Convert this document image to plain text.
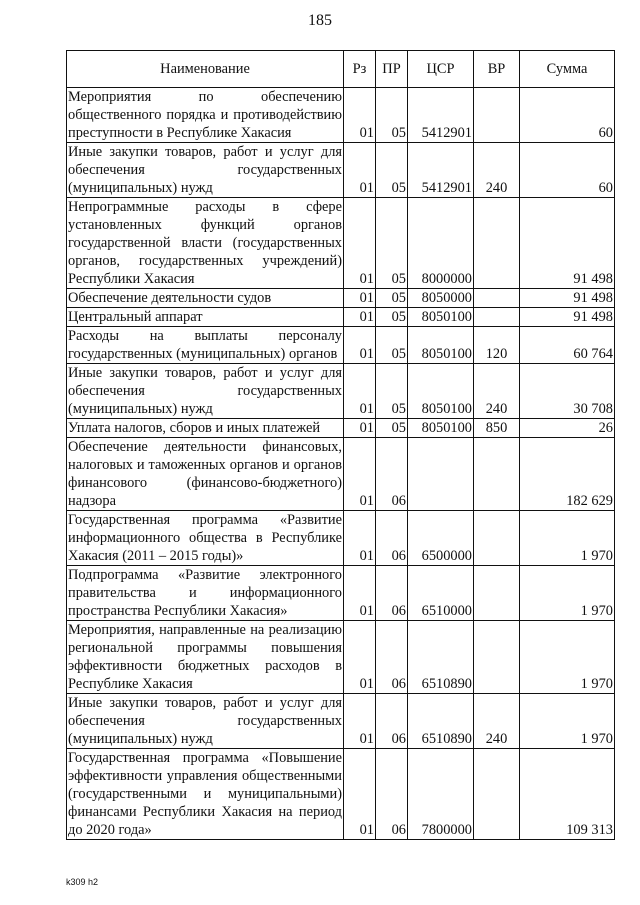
185
Наименование	Рз	ПР	ЦСР	ВР	Сумма
Мероприятия по обеспечению общественного порядка и противодействию преступности в Республике Хакасия	01	05	5412901		60
Иные закупки товаров, работ и услуг для обеспечения государственных (муниципальных) нужд	01	05	5412901	240	60
Непрограммные расходы в сфере установленных функций органов государственной власти (государственных органов, государственных учреждений) Республики Хакасия	01	05	8000000		91 498
Обеспечение деятельности судов	01	05	8050000		91 498
Центральный аппарат	01	05	8050100		91 498
Расходы на выплаты персоналу государственных (муниципальных) органов	01	05	8050100	120	60 764
Иные закупки товаров, работ и услуг для обеспечения государственных (муниципальных) нужд	01	05	8050100	240	30 708
Уплата налогов, сборов и иных платежей	01	05	8050100	850	26
Обеспечение деятельности финансовых, налоговых и таможенных органов и органов финансового (финансово-бюджетного) надзора	01	06			182 629
Государственная программа «Развитие информационного общества в Республике Хакасия (2011 – 2015 годы)»	01	06	6500000		1 970
Подпрограмма «Развитие электронного правительства и информационного пространства Республики Хакасия»	01	06	6510000		1 970
Мероприятия, направленные на реализацию региональной программы повышения эффективности бюджетных расходов в Республике Хакасия	01	06	6510890		1 970
Иные закупки товаров, работ и услуг для обеспечения государственных (муниципальных) нужд	01	06	6510890	240	1 970
Государственная программа «Повышение эффективности управления общественными (государственными и муниципальными) финансами Республики Хакасия на период до 2020 года»	01	06	7800000		109 313
k309 h2
